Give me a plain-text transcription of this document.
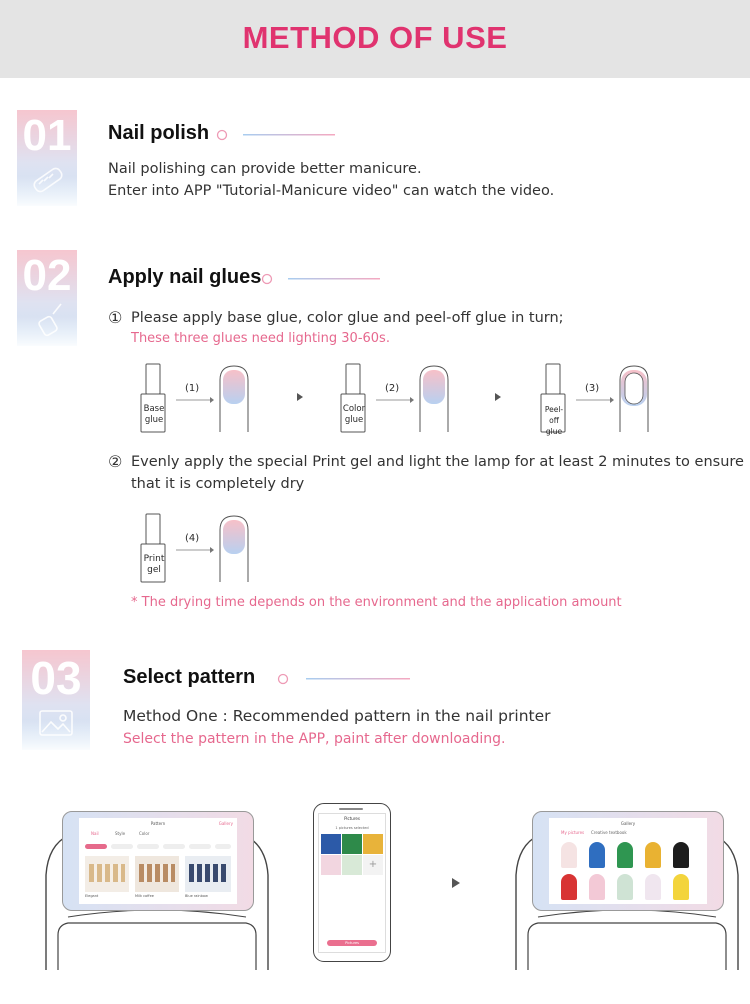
METHOD OF USE
01 Nail polish
Nail polishing can provide better manicure.
Enter into APP "Tutorial-Manicure video" can watch the video.
02 Apply nail glues
① Please apply base glue, color glue and peel-off glue in turn;
These three glues need lighting 30-60s.
Base
glue
(1)
Color
glue
(2)
Peel-off
glue
(3)
② Evenly apply the special Print gel and light the lamp for at least 2 minutes to ensure
that it is completely dry
Print
gel
(4)
* The drying time depends on the environment and the application amount
03	Select pattern
Method One : Recommended pattern in the nail printer
Select the pattern in the APP, paint after downloading.
Pattern	Gallery
Nail	Style	Color
Elegant	Milk coffee	Blue rainbow
Pictures
1 pictures selected
+
Pictures
Gallery
My pictures Creative textbook
